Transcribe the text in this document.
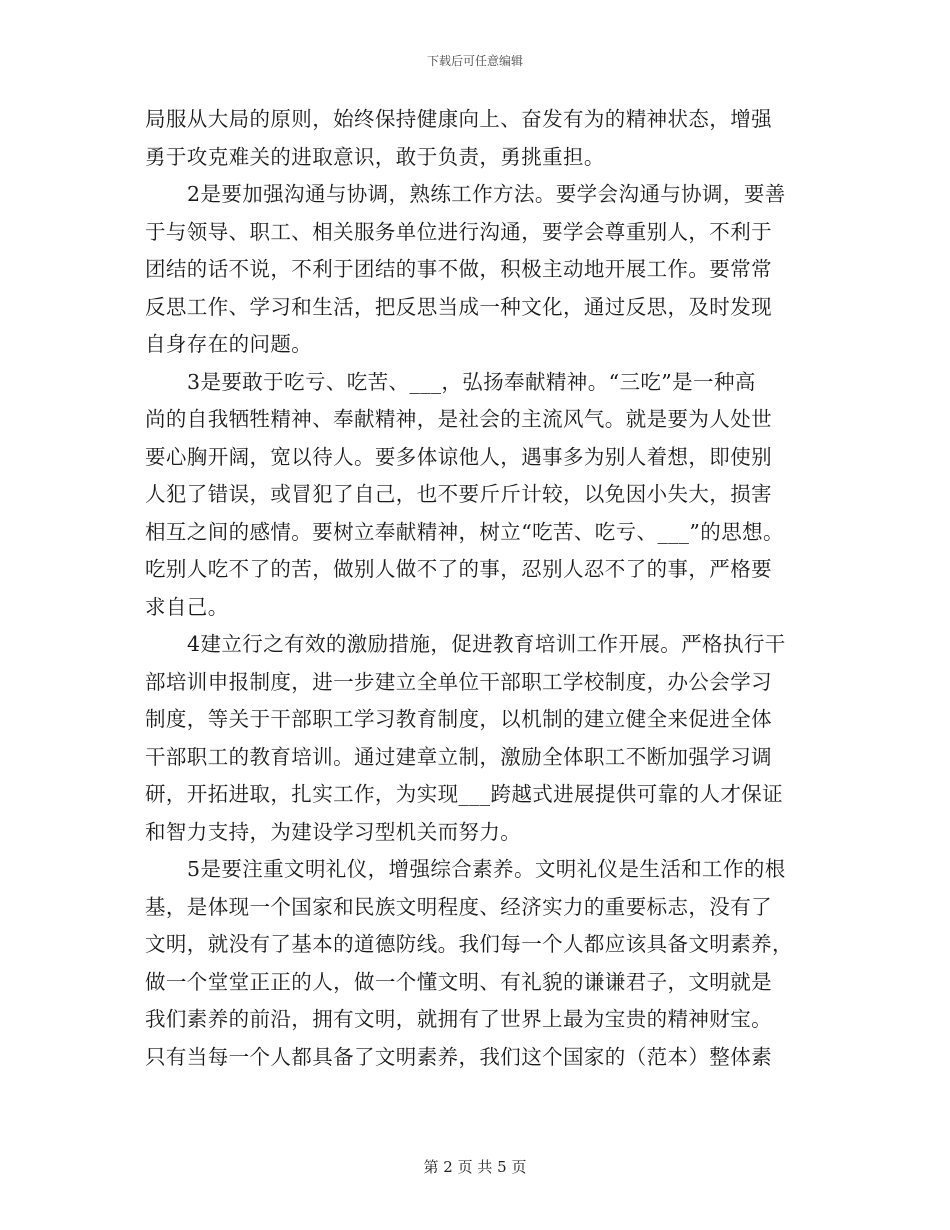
下载后可任意编辑
局服从大局的原则，始终保持健康向上、奋发有为的精神状态，增强
勇于攻克难关的进取意识，敢于负责，勇挑重担。
2是要加强沟通与协调，熟练工作方法。要学会沟通与协调，要善
于与领导、职工、相关服务单位进行沟通，要学会尊重别人，不利于
团结的话不说，不利于团结的事不做，积极主动地开展工作。要常常
反思工作、学习和生活，把反思当成一种文化，通过反思，及时发现
自身存在的问题。
3是要敢于吃亏、吃苦、___，弘扬奉献精神。“三吃”是一种高
尚的自我牺牲精神、奉献精神，是社会的主流风气。就是要为人处世
要心胸开阔，宽以待人。要多体谅他人，遇事多为别人着想，即使别
人犯了错误，或冒犯了自己，也不要斤斤计较，以免因小失大，损害
相互之间的感情。要树立奉献精神，树立“吃苦、吃亏、___”的思想。
吃别人吃不了的苦，做别人做不了的事，忍别人忍不了的事，严格要
求自己。
4建立行之有效的激励措施，促进教育培训工作开展。严格执行干
部培训申报制度，进一步建立全单位干部职工学校制度，办公会学习
制度，等关于干部职工学习教育制度，以机制的建立健全来促进全体
干部职工的教育培训。通过建章立制，激励全体职工不断加强学习调
研，开拓进取，扎实工作，为实现___跨越式进展提供可靠的人才保证
和智力支持，为建设学习型机关而努力。
5是要注重文明礼仪，增强综合素养。文明礼仪是生活和工作的根
基，是体现一个国家和民族文明程度、经济实力的重要标志，没有了
文明，就没有了基本的道德防线。我们每一个人都应该具备文明素养，
做一个堂堂正正的人，做一个懂文明、有礼貌的谦谦君子，文明就是
我们素养的前沿，拥有文明，就拥有了世界上最为宝贵的精神财宝。
只有当每一个人都具备了文明素养，我们这个国家的（范本）整体素
第 2 页 共 5 页
